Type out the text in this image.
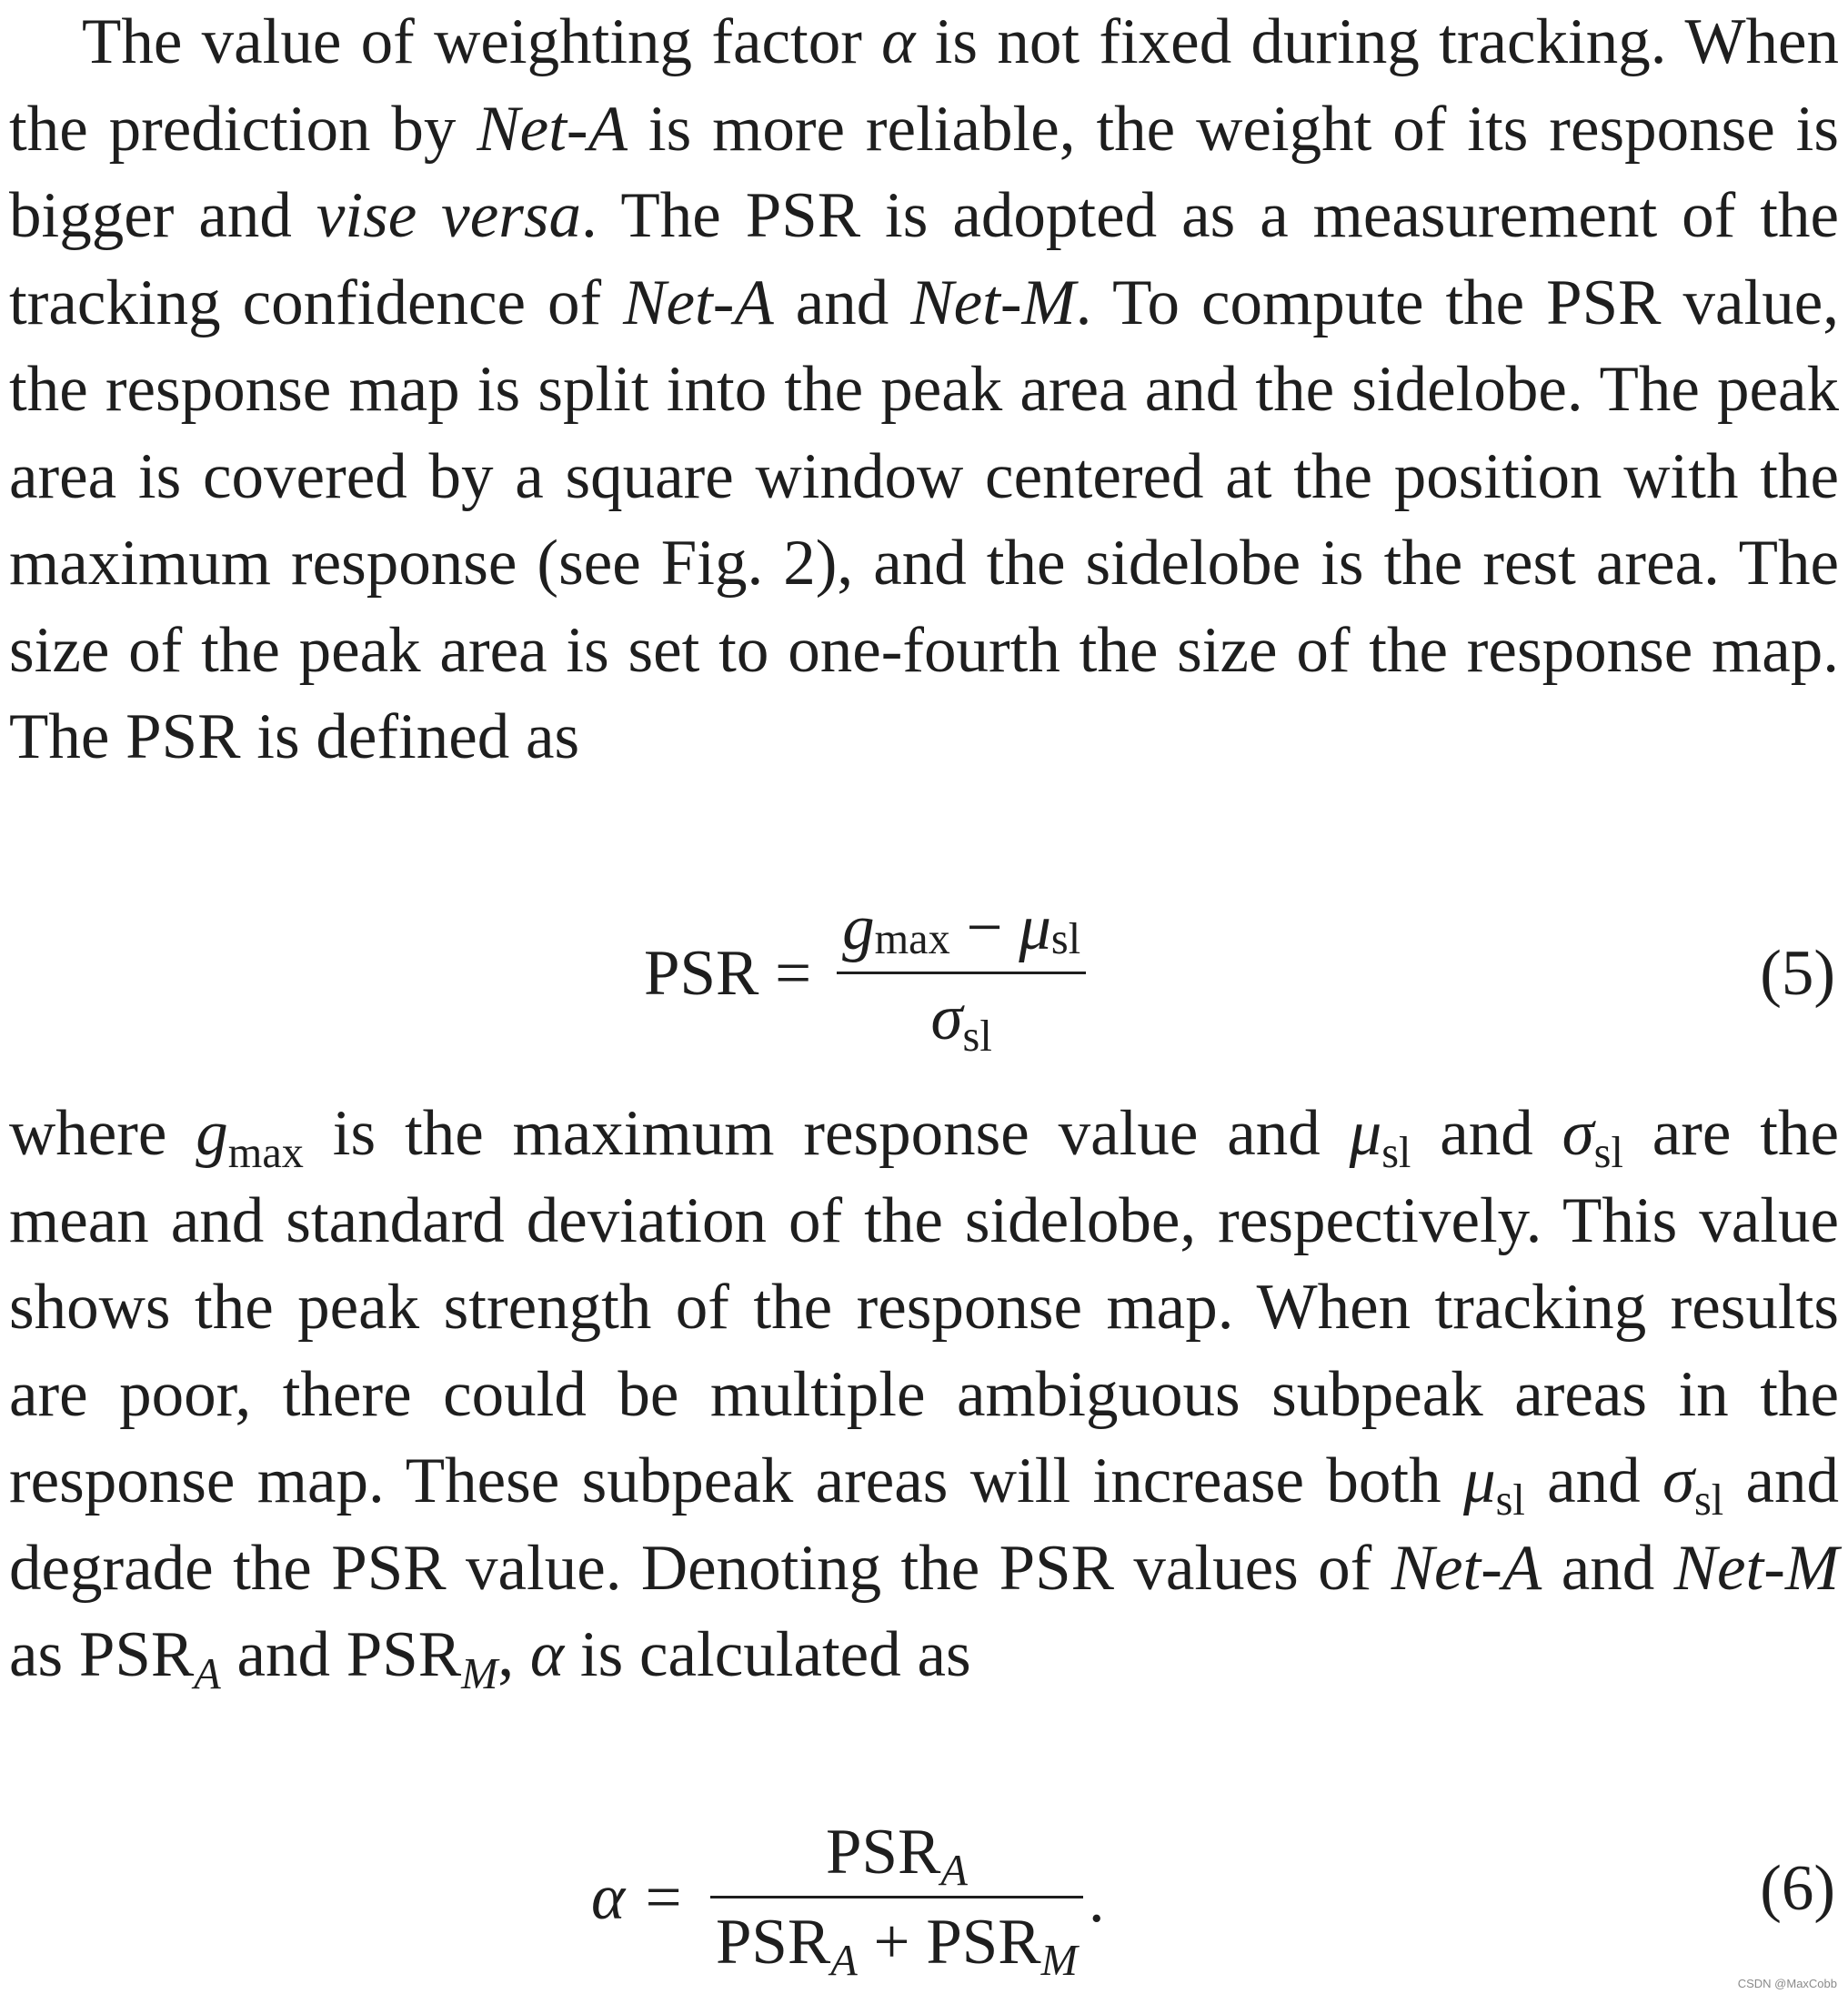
The value of weighting factor α is not fixed during tracking. When the prediction by Net-A is more reliable, the weight of its response is bigger and vise versa. The PSR is adopted as a measurement of the tracking confidence of Net-A and Net-M. To compute the PSR value, the response map is split into the peak area and the sidelobe. The peak area is covered by a square window centered at the position with the maximum response (see Fig. 2), and the sidelobe is the rest area. The size of the peak area is set to one-fourth the size of the response map. The PSR is defined as

PSR = $\frac{\text{gmax − μsl}}{\text{σsl}}$	(5)

where gmax is the maximum response value and μsl and σsl are the mean and standard deviation of the sidelobe, respectively. This value shows the peak strength of the response map. When tracking results are poor, there could be multiple ambiguous subpeak areas in the response map. These subpeak areas will increase both μsl and σsl and degrade the PSR value. Denoting the PSR values of Net-A and Net-M as PSRA and PSRM, α is calculated as

$\alpha = \frac{\text{PSRA}}{\text{PSRA + PSRM}}$ .	(6)
CSDN @MaxCobb
